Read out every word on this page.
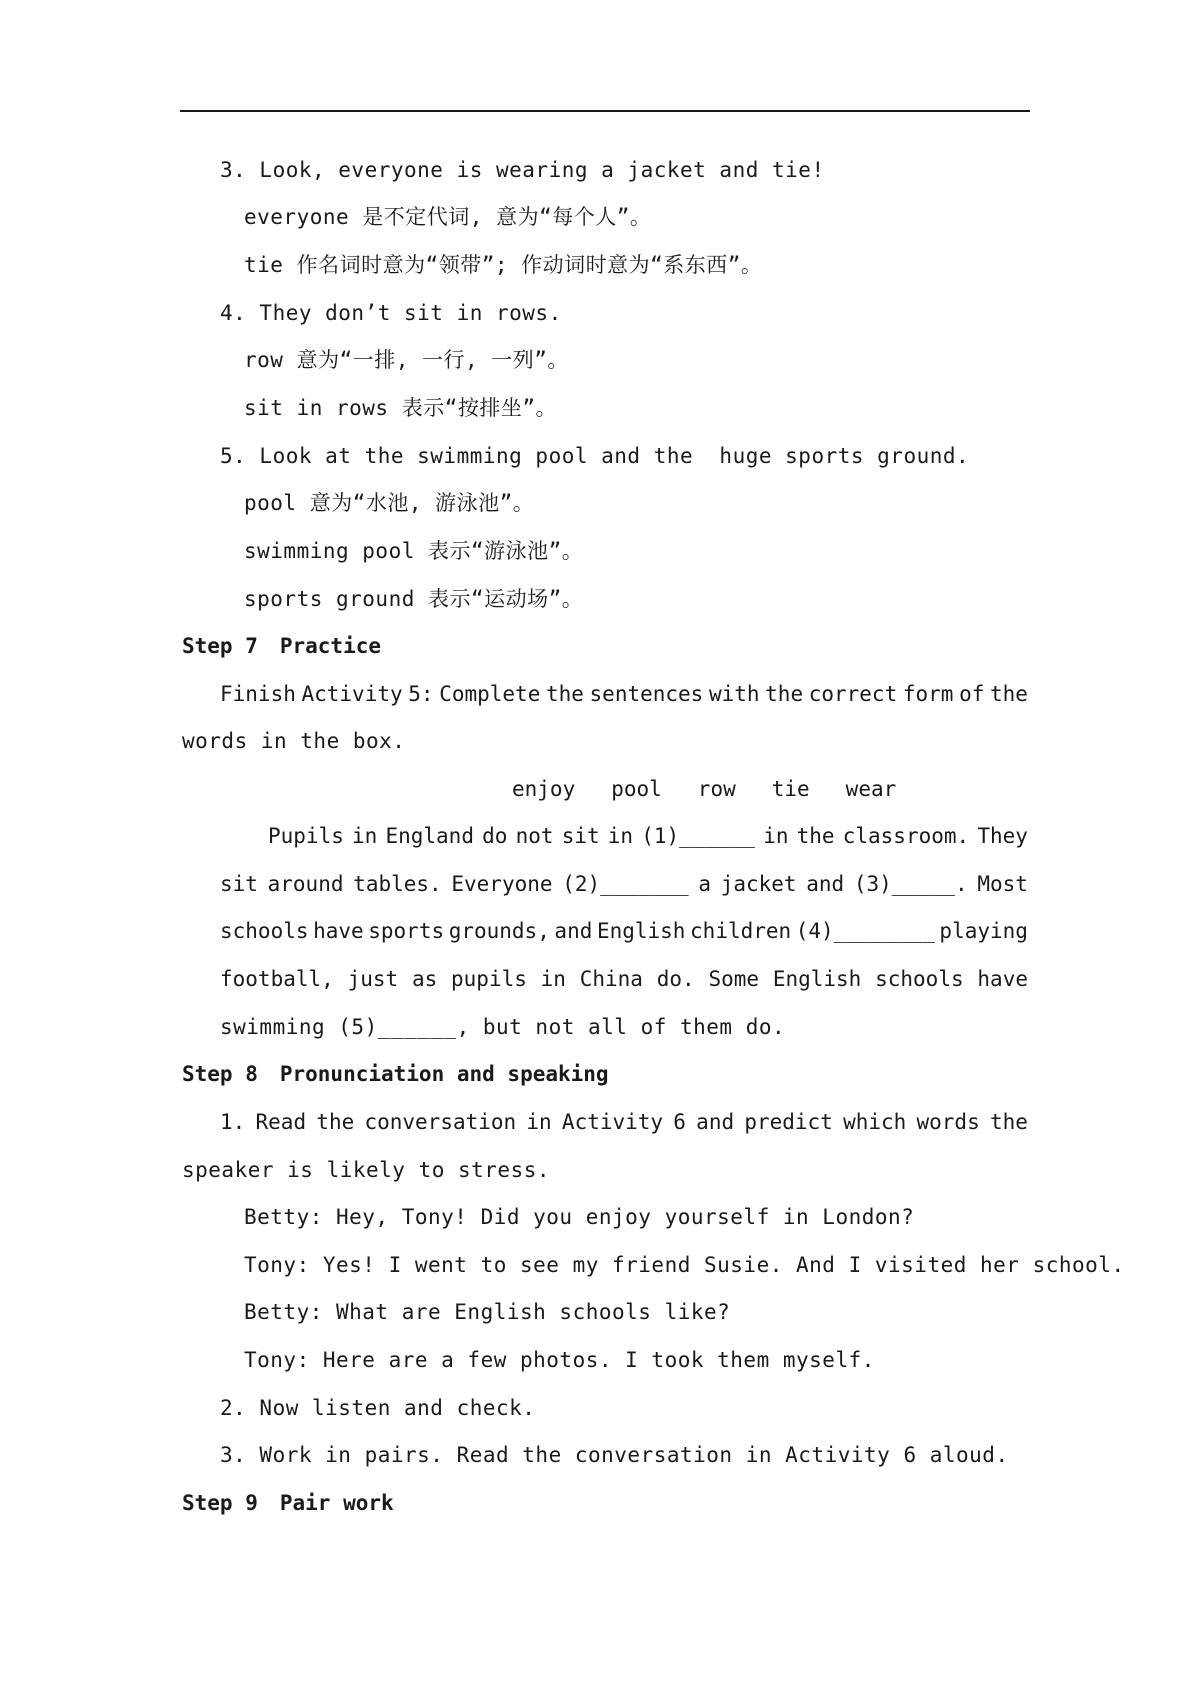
3. Look, everyone is wearing a jacket and tie!
everyone 是不定代词, 意为“每个人”。
tie 作名词时意为“领带”; 作动词时意为“系东西”。
4. They don’t sit in rows.
row 意为“一排, 一行, 一列”。
sit in rows 表示“按排坐”。
5. Look at the swimming pool and the  huge sports ground.
pool 意为“水池, 游泳池”。
swimming pool 表示“游泳池”。
sports ground 表示“运动场”。
Step 7 Practice
Finish Activity 5: Complete the sentences with the correct form of the
words in the box.
enjoy pool row tie wear
Pupils in England do not sit in (1)______ in the classroom. They
sit around tables. Everyone (2)_______ a jacket and (3)_____. Most
schools have sports grounds, and English children (4)________ playing
football, just as pupils in China do. Some English schools have
swimming (5)______, but not all of them do.
Step 8 Pronunciation and speaking
1. Read the conversation in Activity 6 and predict which words the
speaker is likely to stress.
Betty: Hey, Tony! Did you enjoy yourself in London?
Tony: Yes! I went to see my friend Susie. And I visited her school.
Betty: What are English schools like?
Tony: Here are a few photos. I took them myself.
2. Now listen and check.
3. Work in pairs. Read the conversation in Activity 6 aloud.
Step 9 Pair work
